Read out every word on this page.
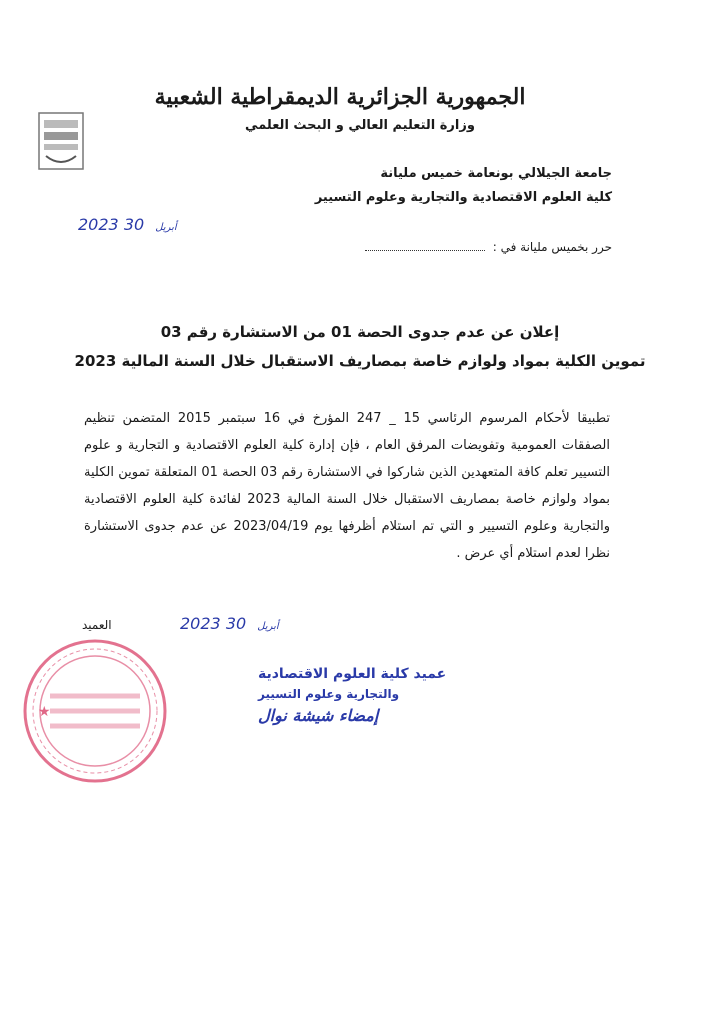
الجمهورية الجزائرية الديمقراطية الشعبية
وزارة التعليم العالي و البحث العلمي
جامعة الجيلالي بونعامة خميس مليانة
كلية العلوم الاقتصادية والتجارية وعلوم التسيير
2023	أبريل 30
حرر بخميس مليانة في :
إعلان عن عدم جدوى الحصة 01 من الاستشارة رقم 03
تموين الكلية بمواد ولوازم خاصة بمصاريف الاستقبال خلال السنة المالية 2023
تطبيقا لأحكام المرسوم الرئاسي 15 _ 247 المؤرخ في 16 سبتمبر 2015 المتضمن تنظيم الصفقات العمومية وتفويضات المرفق العام ، فإن إدارة كلية العلوم الاقتصادية و التجارية و علوم التسيير تعلم كافة المتعهدين الذين شاركوا في الاستشارة رقم 03 الحصة 01 المتعلقة تموين الكلية بمواد ولوازم خاصة بمصاريف الاستقبال خلال السنة المالية 2023 لفائدة كلية العلوم الاقتصادية والتجارية وعلوم التسيير و التي تم استلام أظرفها يوم 2023/04/19 عن عدم جدوى الاستشارة نظرا لعدم استلام أي عرض .
العميد	2023	أبريل 30
★
عميد كلية العلوم الاقتصادية
والتجارية وعلوم التسيير
إمضاء شيشة نوال
